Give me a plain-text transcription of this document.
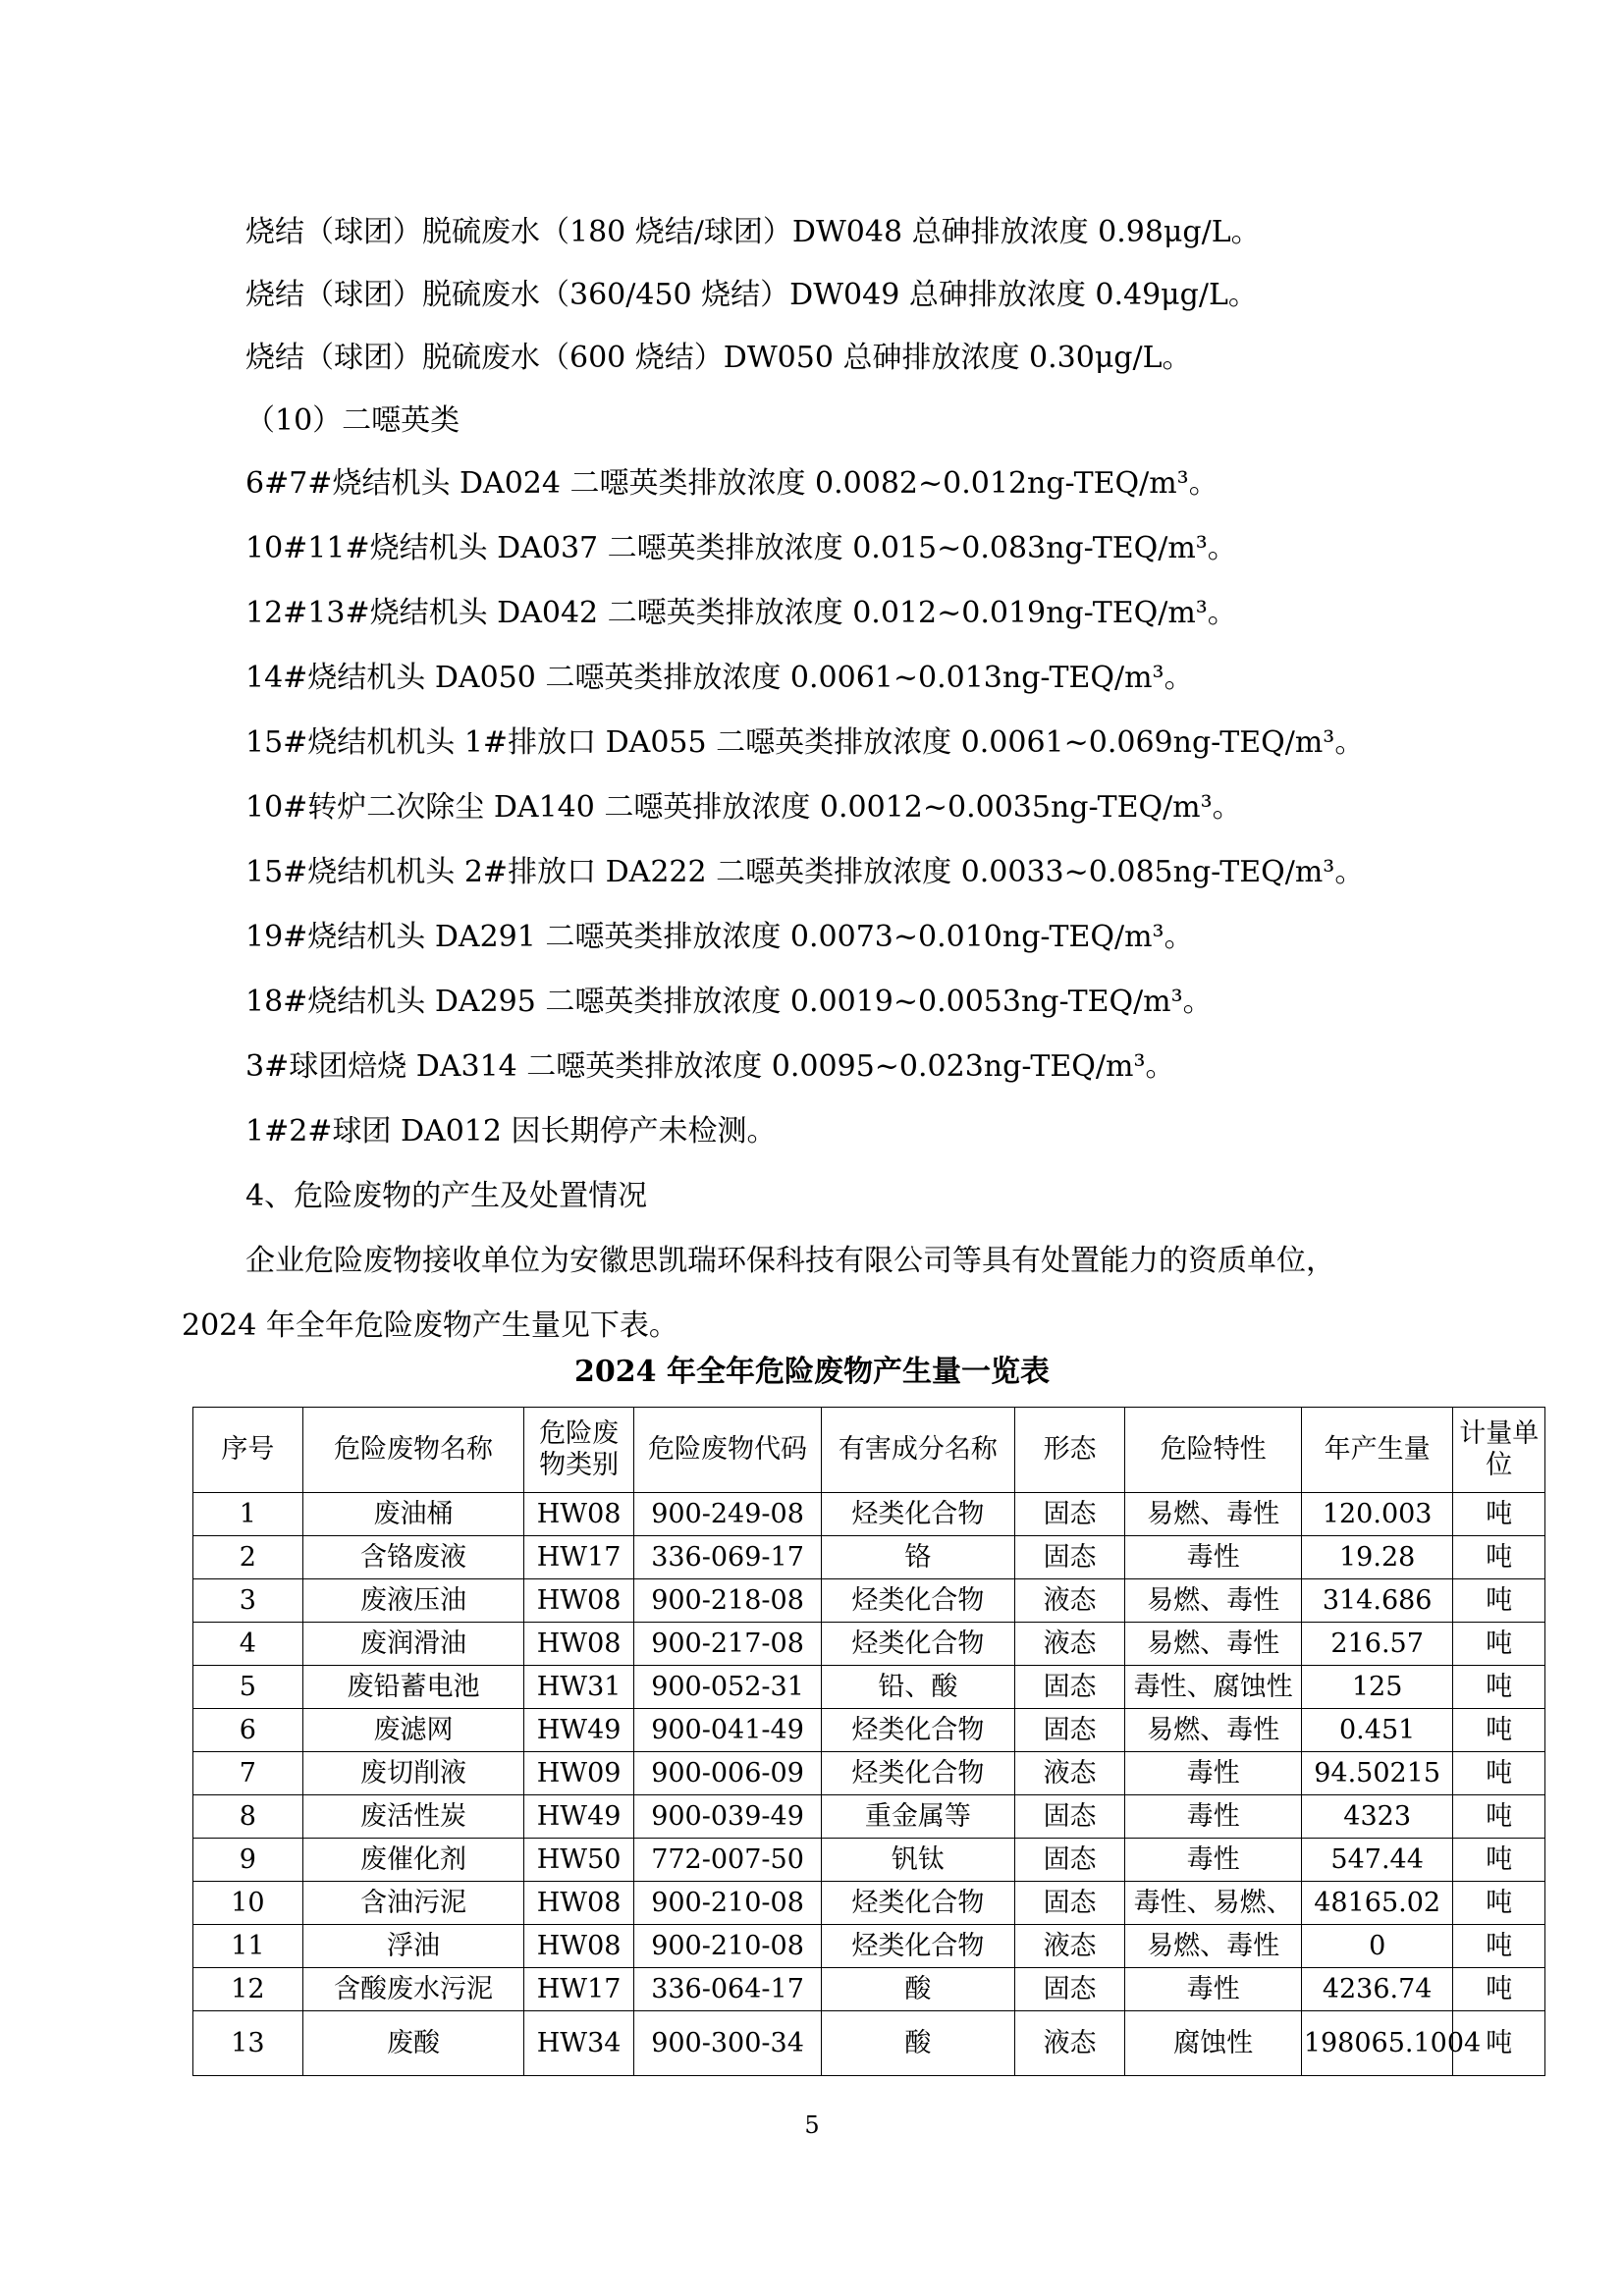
烧结（球团）脱硫废水（180 烧结/球团）DW048 总砷排放浓度 0.98μg/L。
烧结（球团）脱硫废水（360/450 烧结）DW049 总砷排放浓度 0.49μg/L。
烧结（球团）脱硫废水（600 烧结）DW050 总砷排放浓度 0.30μg/L。
（10）二噁英类
6#7#烧结机头 DA024 二噁英类排放浓度 0.0082~0.012ng-TEQ/m³。
10#11#烧结机头 DA037 二噁英类排放浓度 0.015~0.083ng-TEQ/m³。
12#13#烧结机头 DA042 二噁英类排放浓度 0.012~0.019ng-TEQ/m³。
14#烧结机头 DA050 二噁英类排放浓度 0.0061~0.013ng-TEQ/m³。
15#烧结机机头 1#排放口 DA055 二噁英类排放浓度 0.0061~0.069ng-TEQ/m³。
10#转炉二次除尘 DA140 二噁英排放浓度 0.0012~0.0035ng-TEQ/m³。
15#烧结机机头 2#排放口 DA222 二噁英类排放浓度 0.0033~0.085ng-TEQ/m³。
19#烧结机头 DA291 二噁英类排放浓度 0.0073~0.010ng-TEQ/m³。
18#烧结机头 DA295 二噁英类排放浓度 0.0019~0.0053ng-TEQ/m³。
3#球团焙烧 DA314 二噁英类排放浓度 0.0095~0.023ng-TEQ/m³。
1#2#球团 DA012 因长期停产未检测。
4、危险废物的产生及处置情况
企业危险废物接收单位为安徽思凯瑞环保科技有限公司等具有处置能力的资质单位，
2024 年全年危险废物产生量见下表。
2024 年全年危险废物产生量一览表
序号	危险废物名称	危险废物类别	危险废物代码	有害成分名称	形态	危险特性	年产生量	计量单位
1	废油桶	HW08	900-249-08	烃类化合物	固态	易燃、毒性	120.003	吨
2	含铬废液	HW17	336-069-17	铬	固态	毒性	19.28	吨
3	废液压油	HW08	900-218-08	烃类化合物	液态	易燃、毒性	314.686	吨
4	废润滑油	HW08	900-217-08	烃类化合物	液态	易燃、毒性	216.57	吨
5	废铅蓄电池	HW31	900-052-31	铅、酸	固态	毒性、腐蚀性	125	吨
6	废滤网	HW49	900-041-49	烃类化合物	固态	易燃、毒性	0.451	吨
7	废切削液	HW09	900-006-09	烃类化合物	液态	毒性	94.50215	吨
8	废活性炭	HW49	900-039-49	重金属等	固态	毒性	4323	吨
9	废催化剂	HW50	772-007-50	钒钛	固态	毒性	547.44	吨
10	含油污泥	HW08	900-210-08	烃类化合物	固态	毒性、易燃、	48165.02	吨
11	浮油	HW08	900-210-08	烃类化合物	液态	易燃、毒性	0	吨
12	含酸废水污泥	HW17	336-064-17	酸	固态	毒性	4236.74	吨
13	废酸	HW34	900-300-34	酸	液态	腐蚀性	198065.1004	吨
5
